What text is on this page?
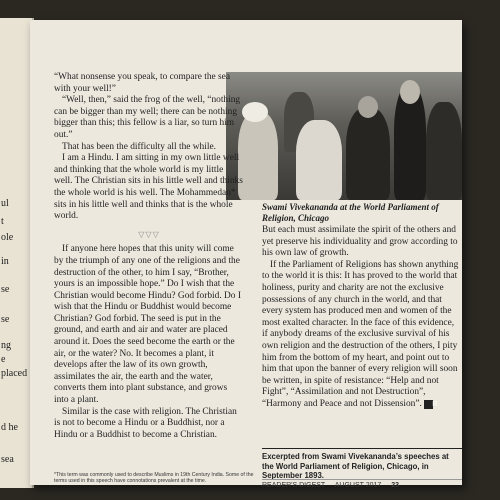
ul
t
ole
in
se
se
ng
e
placed
d he
sea

“What nonsense you speak, to compare the sea with your well!”

“Well, then,” said the frog of the well, “nothing can be bigger than my well; there can be nothing bigger than this; this fellow is a liar, so turn him out.”

That has been the difficulty all the while.

I am a Hindu. I am sitting in my own little well and thinking that the whole world is my little well. The Christian sits in his little well and thinks the whole world is his well. The Mohammedan* sits in his little well and thinks that is the whole world.

▽▽▽

If anyone here hopes that this unity will come by the triumph of any one of the religions and the destruction of the other, to him I say, “Brother, yours is an impossible hope.” Do I wish that the Christian would become Hindu? God forbid. Do I wish that the Hindu or Buddhist would become Christian? God forbid. The seed is put in the ground, and earth and air and water are placed around it. Does the seed become the earth or the air, or the water? No. It becomes a plant, it develops after the law of its own growth, assimilates the air, the earth and the water, converts them into plant substance, and grows into a plant.

Similar is the case with religion. The Christian is not to become a Hindu or a Buddhist, nor a Hindu or a Buddhist to become a Christian.

Swami Vivekananda at the World Parliament of Religion, Chicago

But each must assimilate the spirit of the others and yet preserve his individuality and grow according to his own law of growth.

If the Parliament of Religions has shown anything to the world it is this: It has proved to the world that holiness, purity and charity are not the exclusive possessions of any church in the world, and that every system has produced men and women of the most exalted character. In the face of this evidence, if anybody dreams of the exclusive survival of his own religion and the destruction of the others, I pity him from the bottom of my heart, and point out to him that upon the banner of every religion will soon be written, in spite of resistance: “Help and not Fight”, “Assimilation and not Destruction”, “Harmony and Peace and not Dissension”. R

Excerpted from Swami Vivekananda’s speeches at the World Parliament of Religion, Chicago, in September 1893.
*This term was commonly used to describe Muslims in 19th Century India. Some of the terms used in this speech have connotations prevalent at the time.
READER'S DIGEST AUGUST 2017 23
